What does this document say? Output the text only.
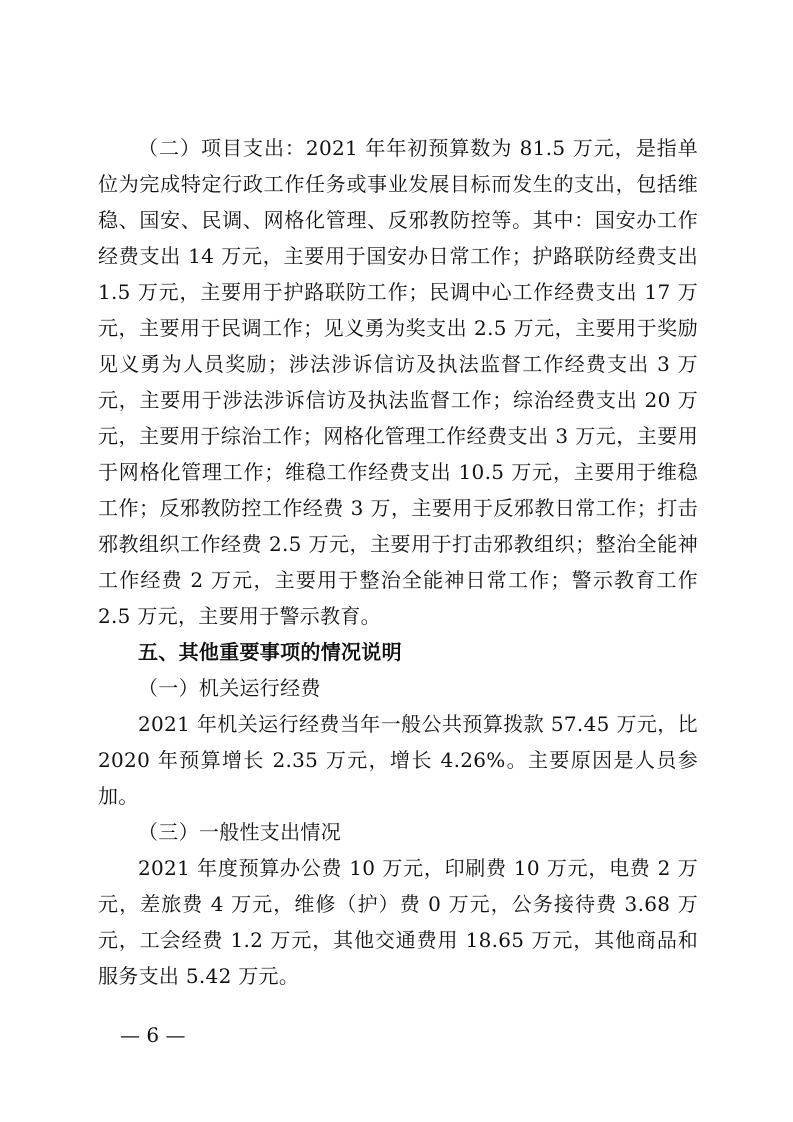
（二）项目支出：2021 年年初预算数为 81.5 万元，是指单位为完成特定行政工作任务或事业发展目标而发生的支出，包括维稳、国安、民调、网格化管理、反邪教防控等。其中：国安办工作经费支出 14 万元，主要用于国安办日常工作；护路联防经费支出 1.5 万元，主要用于护路联防工作；民调中心工作经费支出 17 万元，主要用于民调工作；见义勇为奖支出 2.5 万元，主要用于奖励见义勇为人员奖励；涉法涉诉信访及执法监督工作经费支出 3 万元，主要用于涉法涉诉信访及执法监督工作；综治经费支出 20 万元，主要用于综治工作；网格化管理工作经费支出 3 万元，主要用于网格化管理工作；维稳工作经费支出 10.5 万元，主要用于维稳工作；反邪教防控工作经费 3 万，主要用于反邪教日常工作；打击邪教组织工作经费 2.5 万元，主要用于打击邪教组织；整治全能神工作经费 2 万元，主要用于整治全能神日常工作；警示教育工作 2.5 万元，主要用于警示教育。

五、其他重要事项的情况说明

（一）机关运行经费

2021 年机关运行经费当年一般公共预算拨款 57.45 万元，比 2020 年预算增长 2.35 万元，增长 4.26%。主要原因是人员参加。

（三）一般性支出情况

2021 年度预算办公费 10 万元，印刷费 10 万元，电费 2 万元，差旅费 4 万元，维修（护）费 0 万元，公务接待费 3.68 万元，工会经费 1.2 万元，其他交通费用 18.65 万元，其他商品和服务支出 5.42 万元。

— 6 —
